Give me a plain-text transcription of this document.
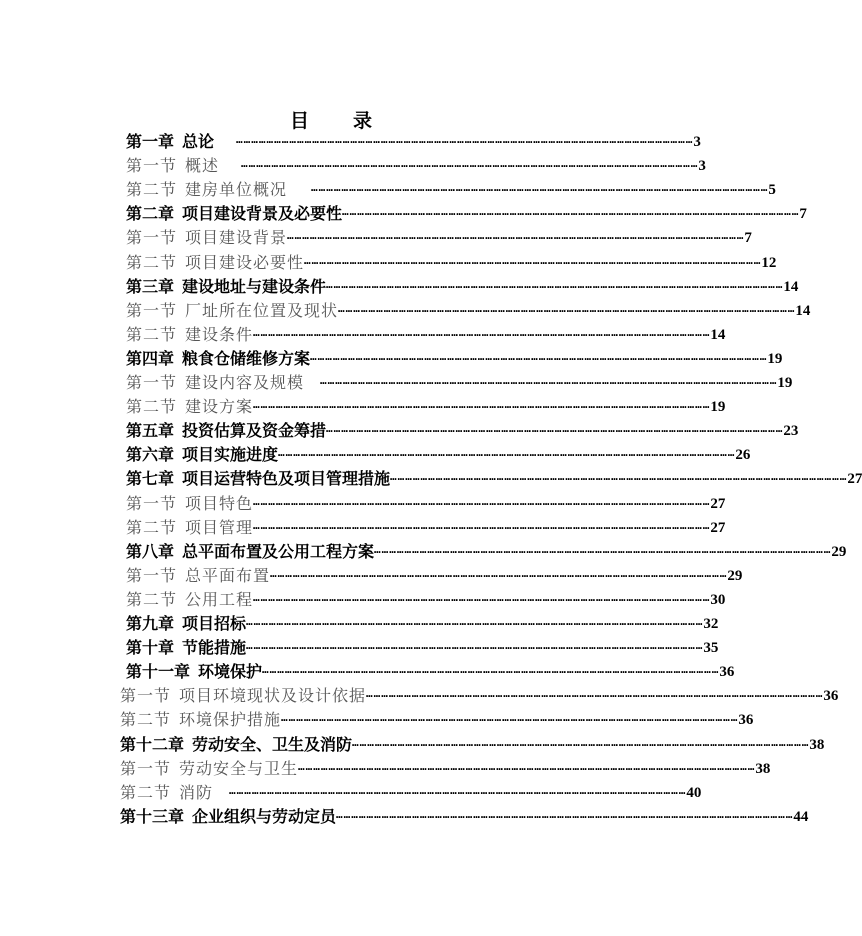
目 录
第一章 总论 ……………………………………………………………………………………………………………………………………………………………… 3
第一节 概述 ……………………………………………………………………………………………………………………………………………………………… 3
第二节 建房单位概况 ……………………………………………………………………………………………………………………………………………………………… 5
第二章 项目建设背景及必要性 ……………………………………………………………………………………………………………………………………………………………… 7
第一节 项目建设背景 ……………………………………………………………………………………………………………………………………………………………… 7
第二节 项目建设必要性 ……………………………………………………………………………………………………………………………………………………………… 12
第三章 建设地址与建设条件 ……………………………………………………………………………………………………………………………………………………………… 14
第一节 厂址所在位置及现状 ……………………………………………………………………………………………………………………………………………………………… 14
第二节 建设条件 ……………………………………………………………………………………………………………………………………………………………… 14
第四章 粮食仓储维修方案 ……………………………………………………………………………………………………………………………………………………………… 19
第一节 建设内容及规模 ……………………………………………………………………………………………………………………………………………………………… 19
第二节 建设方案 ……………………………………………………………………………………………………………………………………………………………… 19
第五章 投资估算及资金筹措 ……………………………………………………………………………………………………………………………………………………………… 23
第六章 项目实施进度 ……………………………………………………………………………………………………………………………………………………………… 26
第七章 项目运营特色及项目管理措施 ……………………………………………………………………………………………………………………………………………………………… 27
第一节 项目特色 ……………………………………………………………………………………………………………………………………………………………… 27
第二节 项目管理 ……………………………………………………………………………………………………………………………………………………………… 27
第八章 总平面布置及公用工程方案 ……………………………………………………………………………………………………………………………………………………………… 29
第一节 总平面布置 ……………………………………………………………………………………………………………………………………………………………… 29
第二节 公用工程 ……………………………………………………………………………………………………………………………………………………………… 30
第九章 项目招标 ……………………………………………………………………………………………………………………………………………………………… 32
第十章 节能措施 ……………………………………………………………………………………………………………………………………………………………… 35
第十一章 环境保护 ……………………………………………………………………………………………………………………………………………………………… 36
第一节 项目环境现状及设计依据 ……………………………………………………………………………………………………………………………………………………………… 36
第二节 环境保护措施 ……………………………………………………………………………………………………………………………………………………………… 36
第十二章 劳动安全、卫生及消防 ……………………………………………………………………………………………………………………………………………………………… 38
第一节 劳动安全与卫生 ……………………………………………………………………………………………………………………………………………………………… 38
第二节 消防 ……………………………………………………………………………………………………………………………………………………………… 40
第十三章 企业组织与劳动定员 ……………………………………………………………………………………………………………………………………………………………… 44
